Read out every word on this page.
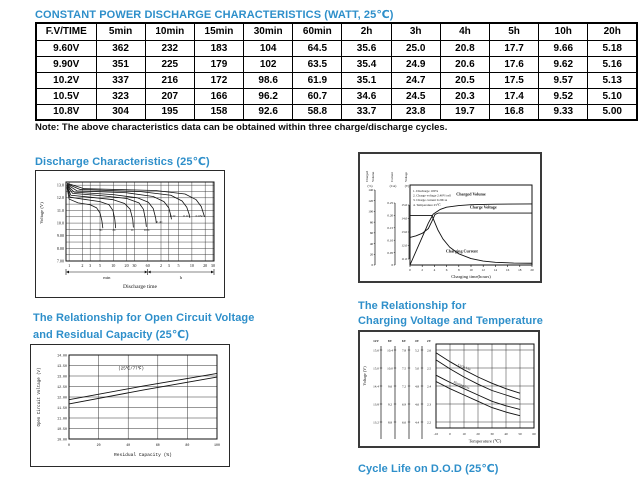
CONSTANT POWER DISCHARGE CHARACTERISTICS (WATT, 25℃)
F.V/TIME	5min	10min	15min	30min	60min	2h	3h	4h	5h	10h	20h
9.60V	362	232	183	104	64.5	35.6	25.0	20.8	17.7	9.66	5.18
9.90V	351	225	179	102	63.5	35.4	24.9	20.6	17.6	9.62	5.16
10.2V	337	216	172	98.6	61.9	35.1	24.7	20.5	17.5	9.57	5.13
10.5V	323	207	166	96.2	60.7	34.6	24.5	20.3	17.4	9.52	5.10
10.8V	304	195	158	92.6	58.8	33.7	23.8	19.7	16.8	9.33	5.00
Note: The above characteristics data can be obtained within three charge/discharge cycles.
Discharge Characteristics (25℃)
13.0
12.0
11.0
10.0
9.00
8.00
7.00
Voltage (V)
1	2 3 5 10 20 30 60 2 3 5 10 20 30
min	h
Discharge time
3C	2C	1C	0.6C
0.4C
0.2C 0.1C 0.05C
0	2	4	6	8	10	12	14	16	18	20
Charging time(hours)
0
20
40
60
80
100
120
140
0
0.05
0.10
0.15
0.20
0.25
11.0
12.0
13.0
14.0
15.0
Charged Volume	Current	Voltage
(%)	(CA)	(V)
1. Discharge 100%
2. Charge voltage 2.40V/cell
3. Charge current 0.20CA
4. Temperature 25℃
Charged Volume
Charge Voltage
Charging Current
The Relationship for Open Circuit Voltage
and Residual Capacity (25℃)
14.00
13.50
13.00
12.50
12.00
11.50
11.00
10.50
10.00
0	20	40	60	80	100
Open Circuit Voltage (V)
Residual Capacity (%)
(25℃/77℉)
The Relationship for
Charging Voltage and Temperature
12V
15.6
15.0
14.4
13.8
13.2
8V
10.4
10.0
9.6
9.2
8.8
6V
7.8
7.5
7.2
6.9
6.6
4V
5.2
5.0
4.8
4.6
4.4
2V
2.6
2.5
2.4
2.3
2.2
Voltage (V)
-10	0	10	20	30	40	50	60
Temperature (℃)
Cycle Use
Floating Use
Cycle Life on D.O.D (25℃)
